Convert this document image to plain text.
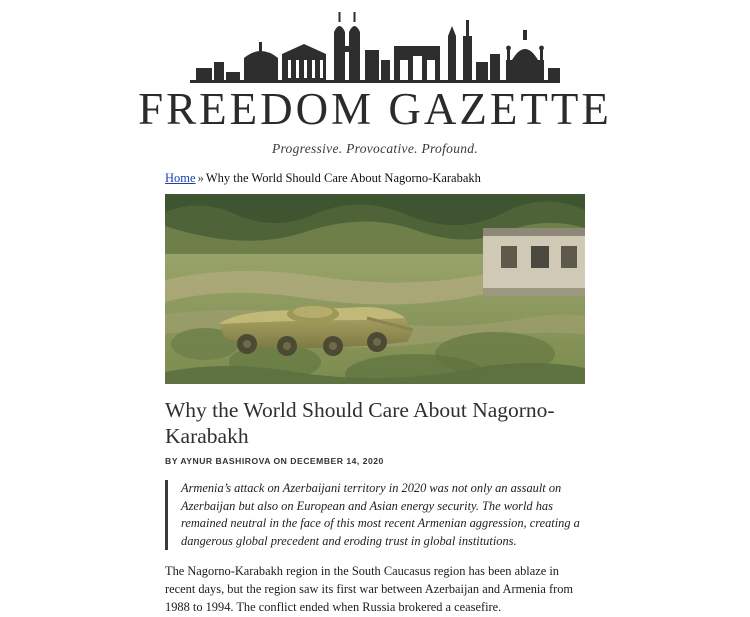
FREEDOM GAZETTE
Progressive. Provocative. Profound.
Home » Why the World Should Care About Nagorno-Karabakh
Why the World Should Care About Nagorno-Karabakh
BY AYNUR BASHIROVA ON DECEMBER 14, 2020
Armenia’s attack on Azerbaijani territory in 2020 was not only an assault on Azerbaijan but also on European and Asian energy security. The world has remained neutral in the face of this most recent Armenian aggression, creating a dangerous global precedent and eroding trust in global institutions.
The Nagorno-Karabakh region in the South Caucasus region has been ablaze in recent days, but the region saw its first war between Azerbaijan and Armenia from 1988 to 1994. The conflict ended when Russia brokered a ceasefire.
